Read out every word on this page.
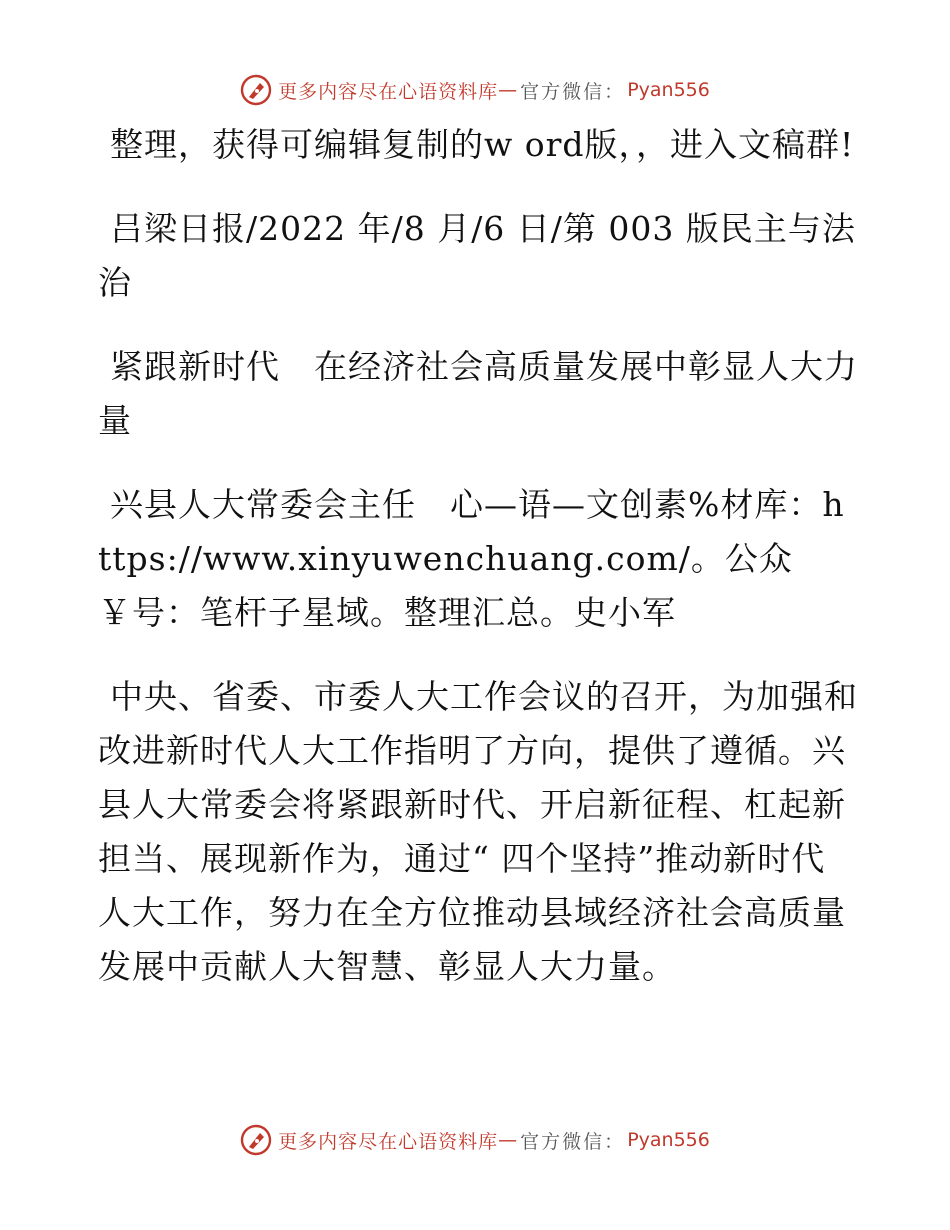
更多内容尽在心语资料库 — 官方微信： Pyan556

整理，获得可编辑复制的w ord版，，进入文稿群!

吕梁日报/2022 年/8 月/6 日/第 003 版民主与法治

紧跟新时代　在经济社会高质量发展中彰显人大力量

兴县人大常委会主任　心—语—文创素%材库：https://www.xinyuwenchuang.com/。公众￥号：笔杆子星域。整理汇总。史小军

中央、省委、市委人大工作会议的召开，为加强和改进新时代人大工作指明了方向，提供了遵循。兴县人大常委会将紧跟新时代、开启新征程、杠起新担当、展现新作为，通过“ 四个坚持”推动新时代人大工作，努力在全方位推动县域经济社会高质量发展中贡献人大智慧、彰显人大力量。

更多内容尽在心语资料库 — 官方微信： Pyan556
